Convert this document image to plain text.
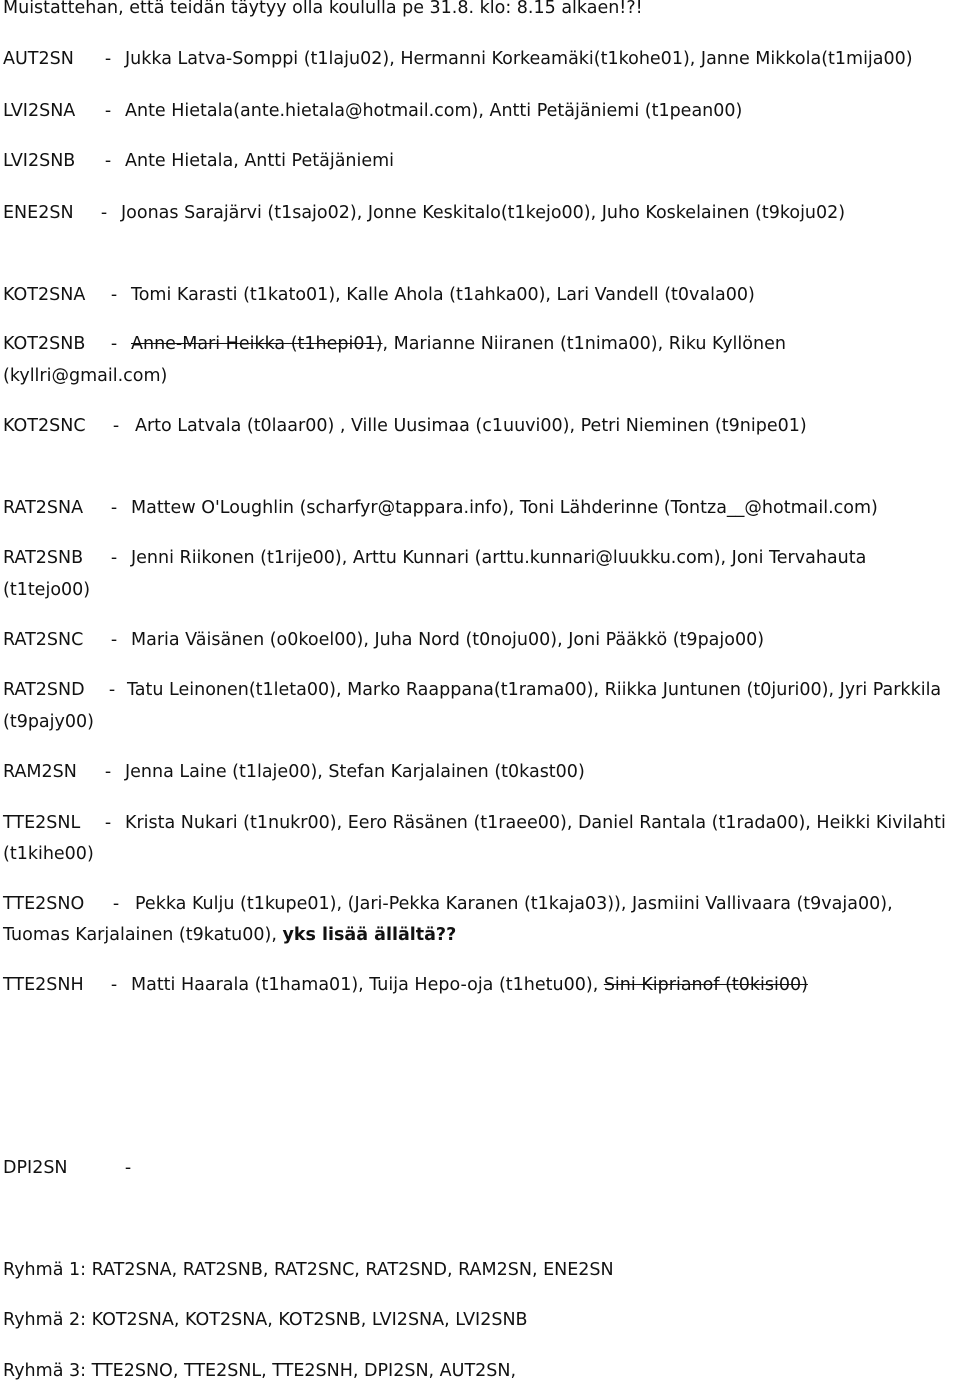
Muistattehan, että teidän täytyy olla koululla pe 31.8. klo: 8.15 alkaen!?!
AUT2SN - Jukka Latva-Somppi (t1laju02), Hermanni Korkeamäki(t1kohe01), Janne Mikkola(t1mija00)
LVI2SNA - Ante Hietala(ante.hietala@hotmail.com), Antti Petäjäniemi (t1pean00)
LVI2SNB - Ante Hietala, Antti Petäjäniemi
ENE2SN - Joonas Sarajärvi (t1sajo02), Jonne Keskitalo(t1kejo00), Juho Koskelainen (t9koju02)
KOT2SNA - Tomi Karasti (t1kato01), Kalle Ahola (t1ahka00), Lari Vandell (t0vala00)
KOT2SNB - Anne-Mari Heikka (t1hepi01), Marianne Niiranen (t1nima00), Riku Kyllönen
(kyllri@gmail.com)
KOT2SNC - Arto Latvala (t0laar00) , Ville Uusimaa (c1uuvi00), Petri Nieminen (t9nipe01)
RAT2SNA - Mattew O'Loughlin (scharfyr@tappara.info), Toni Lähderinne (Tontza__@hotmail.com)
RAT2SNB - Jenni Riikonen (t1rije00), Arttu Kunnari (arttu.kunnari@luukku.com), Joni Tervahauta
(t1tejo00)
RAT2SNC - Maria Väisänen (o0koel00), Juha Nord (t0noju00), Joni Pääkkö (t9pajo00)
RAT2SND - Tatu Leinonen(t1leta00), Marko Raappana(t1rama00), Riikka Juntunen (t0juri00), Jyri Parkkila
(t9pajy00)
RAM2SN - Jenna Laine (t1laje00), Stefan Karjalainen (t0kast00)
TTE2SNL - Krista Nukari (t1nukr00), Eero Räsänen (t1raee00), Daniel Rantala (t1rada00), Heikki Kivilahti
(t1kihe00)
TTE2SNO - Pekka Kulju (t1kupe01), (Jari-Pekka Karanen (t1kaja03)), Jasmiini Vallivaara (t9vaja00),
Tuomas Karjalainen (t9katu00), yks lisää ällältä??
TTE2SNH - Matti Haarala (t1hama01), Tuija Hepo-oja (t1hetu00), Sini Kiprianof (t0kisi00)
DPI2SN	-
Ryhmä 1: RAT2SNA, RAT2SNB, RAT2SNC, RAT2SND, RAM2SN, ENE2SN
Ryhmä 2: KOT2SNA, KOT2SNA, KOT2SNB, LVI2SNA, LVI2SNB
Ryhmä 3: TTE2SNO, TTE2SNL, TTE2SNH, DPI2SN, AUT2SN,
